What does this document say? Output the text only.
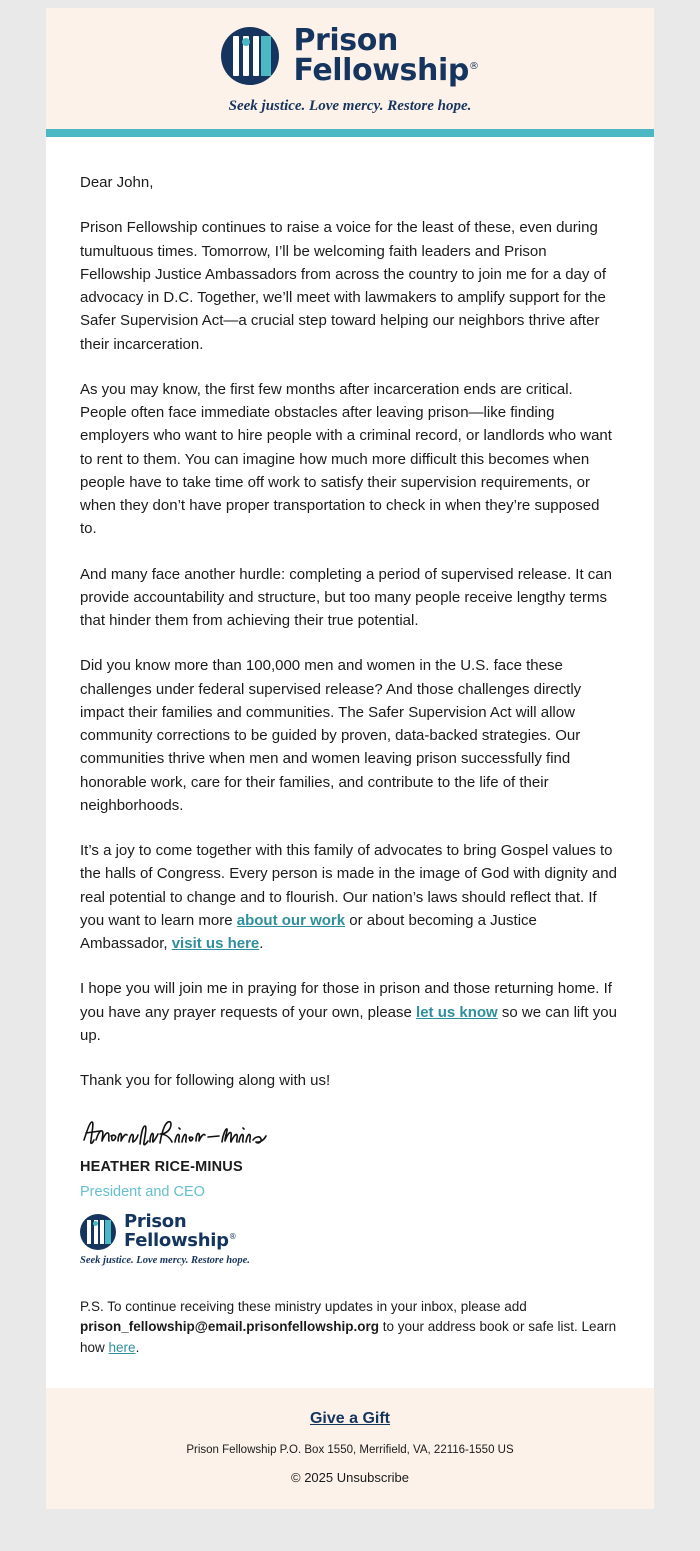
Prison
Fellowship®
Seek justice. Love mercy. Restore hope.

Dear John,

Prison Fellowship continues to raise a voice for the least of these, even during tumultuous times. Tomorrow, I’ll be welcoming faith leaders and Prison Fellowship Justice Ambassadors from across the country to join me for a day of advocacy in D.C. Together, we’ll meet with lawmakers to amplify support for the Safer Supervision Act—a crucial step toward helping our neighbors thrive after their incarceration.

As you may know, the first few months after incarceration ends are critical. People often face immediate obstacles after leaving prison—like finding employers who want to hire people with a criminal record, or landlords who want to rent to them. You can imagine how much more difficult this becomes when people have to take time off work to satisfy their supervision requirements, or when they don’t have proper transportation to check in when they’re supposed to.

And many face another hurdle: completing a period of supervised release. It can provide accountability and structure, but too many people receive lengthy terms that hinder them from achieving their true potential.

Did you know more than 100,000 men and women in the U.S. face these challenges under federal supervised release? And those challenges directly impact their families and communities. The Safer Supervision Act will allow community corrections to be guided by proven, data-backed strategies. Our communities thrive when men and women leaving prison successfully find honorable work, care for their families, and contribute to the life of their neighborhoods.

It’s a joy to come together with this family of advocates to bring Gospel values to the halls of Congress. Every person is made in the image of God with dignity and real potential to change and to flourish. Our nation’s laws should reflect that. If you want to learn more about our work or about becoming a Justice Ambassador, visit us here.

I hope you will join me in praying for those in prison and those returning home. If you have any prayer requests of your own, please let us know so we can lift you up.

Thank you for following along with us!

HEATHER RICE-MINUS
President and CEO
Prison
Fellowship®
Seek justice. Love mercy. Restore hope.
P.S. To continue receiving these ministry updates in your inbox, please add prison_fellowship@email.prisonfellowship.org to your address book or safe list. Learn how here.
Give a Gift
Prison Fellowship P.O. Box 1550, Merrifield, VA, 22116-1550 US
© 2025 Unsubscribe
